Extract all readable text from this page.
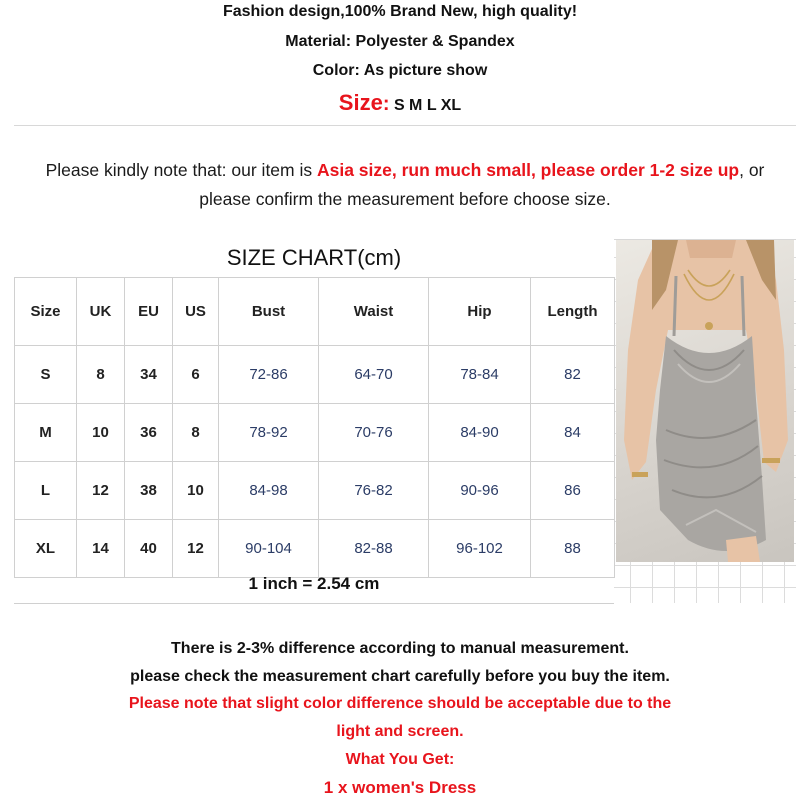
Fashion design,100% Brand New, high quality!
Material: Polyester & Spandex
Color: As picture show
Size: S M L XL
Please kindly note that: our item is Asia size, run much small, please order 1-2 size up, or
please confirm the measurement before choose size.
SIZE CHART(cm)
Size	UK	EU	US	Bust	Waist	Hip	Length
S	8	34	6	72-86	64-70	78-84	82
M	10	36	8	78-92	70-76	84-90	84
L	12	38	10	84-98	76-82	90-96	86
XL	14	40	12	90-104	82-88	96-102	88
1 inch = 2.54 cm
There is 2-3% difference according to manual measurement.
please check the measurement chart carefully before you buy the item.
Please note that slight color difference should be acceptable due to the
light and screen.
What You Get:
1 x women's Dress
